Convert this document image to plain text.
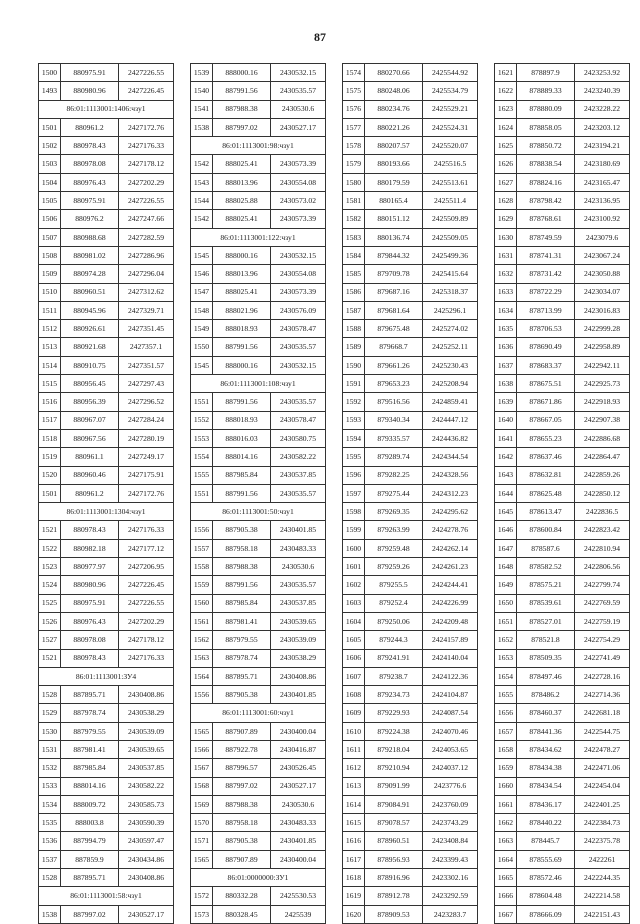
87
1500	880975.91	2427226.55
1493	880980.96	2427226.45
86:01:1113001:1406:чзу1		
1501	880961.2	2427172.76
1502	880978.43	2427176.33
1503	880978.08	2427178.12
1504	880976.43	2427202.29
1505	880975.91	2427226.55
1506	880976.2	2427247.66
1507	880988.68	2427282.59
1508	880981.02	2427286.96
1509	880974.28	2427296.04
1510	880960.51	2427312.62
1511	880945.96	2427329.71
1512	880926.61	2427351.45
1513	880921.68	2427357.1
1514	880910.75	2427351.57
1515	880956.45	2427297.43
1516	880956.39	2427296.52
1517	880967.07	2427284.24
1518	880967.56	2427280.19
1519	880961.1	2427249.17
1520	880960.46	2427175.91
1501	880961.2	2427172.76
86:01:1113001:1304:чзу1		
1521	880978.43	2427176.33
1522	880982.18	2427177.12
1523	880977.97	2427206.95
1524	880980.96	2427226.45
1525	880975.91	2427226.55
1526	880976.43	2427202.29
1527	880978.08	2427178.12
1521	880978.43	2427176.33
86:01:1113001:ЗУ4		
1528	887895.71	2430408.86
1529	887978.74	2430538.29
1530	887979.55	2430539.09
1531	887981.41	2430539.65
1532	887985.84	2430537.85
1533	888014.16	2430582.22
1534	888009.72	2430585.73
1535	888003.8	2430590.39
1536	887994.79	2430597.47
1537	887859.9	2430434.86
1528	887895.71	2430408.86
86:01:1113001:58:чзу1		
1538	887997.02	2430527.17
1539	888000.16	2430532.15
1540	887991.56	2430535.57
1541	887988.38	2430530.6
1538	887997.02	2430527.17
86:01:1113001:98:чзу1		
1542	888025.41	2430573.39
1543	888013.96	2430554.08
1544	888025.88	2430573.02
1542	888025.41	2430573.39
86:01:1113001:122:чзу1		
1545	888000.16	2430532.15
1546	888013.96	2430554.08
1547	888025.41	2430573.39
1548	888021.96	2430576.09
1549	888018.93	2430578.47
1550	887991.56	2430535.57
1545	888000.16	2430532.15
86:01:1113001:108:чзу1		
1551	887991.56	2430535.57
1552	888018.93	2430578.47
1553	888016.03	2430580.75
1554	888014.16	2430582.22
1555	887985.84	2430537.85
1551	887991.56	2430535.57
86:01:1113001:50:чзу1		
1556	887905.38	2430401.85
1557	887958.18	2430483.33
1558	887988.38	2430530.6
1559	887991.56	2430535.57
1560	887985.84	2430537.85
1561	887981.41	2430539.65
1562	887979.55	2430539.09
1563	887978.74	2430538.29
1564	887895.71	2430408.86
1556	887905.38	2430401.85
86:01:1113001:60:чзу1		
1565	887907.89	2430400.04
1566	887922.78	2430416.87
1567	887996.57	2430526.45
1568	887997.02	2430527.17
1569	887988.38	2430530.6
1570	887958.18	2430483.33
1571	887905.38	2430401.85
1565	887907.89	2430400.04
86:01:0000000:ЗУ1		
1572	880332.28	2425530.53
1573	880328.45	2425539
1574	880270.66	2425544.92
1575	880248.06	2425534.79
1576	880234.76	2425529.21
1577	880221.26	2425524.31
1578	880207.57	2425520.07
1579	880193.66	2425516.5
1580	880179.59	2425513.61
1581	880165.4	2425511.4
1582	880151.12	2425509.89
1583	880136.74	2425509.05
1584	879844.32	2425499.36
1585	879709.78	2425415.64
1586	879687.16	2425318.37
1587	879681.64	2425296.1
1588	879675.48	2425274.02
1589	879668.7	2425252.11
1590	879661.26	2425230.43
1591	879653.23	2425208.94
1592	879516.56	2424859.41
1593	879340.34	2424447.12
1594	879335.57	2424436.82
1595	879289.74	2424344.54
1596	879282.25	2424328.56
1597	879275.44	2424312.23
1598	879269.35	2424295.62
1599	879263.99	2424278.76
1600	879259.48	2424262.14
1601	879259.26	2424261.23
1602	879255.5	2424244.41
1603	879252.4	2424226.99
1604	879250.06	2424209.48
1605	879244.3	2424157.89
1606	879241.91	2424140.04
1607	879238.7	2424122.36
1608	879234.73	2424104.87
1609	879229.93	2424087.54
1610	879224.38	2424070.46
1611	879218.04	2424053.65
1612	879210.94	2424037.12
1613	879091.99	2423776.6
1614	879084.91	2423760.09
1615	879078.57	2423743.29
1616	878960.51	2423408.84
1617	878956.93	2423399.43
1618	878916.96	2423302.16
1619	878912.78	2423292.59
1620	878909.53	2423283.7
1621	878897.9	2423253.92
1622	878889.33	2423240.39
1623	878880.09	2423228.22
1624	878858.05	2423203.12
1625	878850.72	2423194.21
1626	878838.54	2423180.69
1627	878824.16	2423165.47
1628	878798.42	2423136.95
1629	878768.61	2423100.92
1630	878749.59	2423079.6
1631	878741.31	2423067.24
1632	878731.42	2423050.88
1633	878722.29	2423034.07
1634	878713.99	2423016.83
1635	878706.53	2422999.28
1636	878690.49	2422958.89
1637	878683.37	2422942.11
1638	878675.51	2422925.73
1639	878671.86	2422918.93
1640	878667.05	2422907.38
1641	878655.23	2422886.68
1642	878637.46	2422864.47
1643	878632.81	2422859.26
1644	878625.48	2422850.12
1645	878613.47	2422836.5
1646	878600.84	2422823.42
1647	878587.6	2422810.94
1648	878582.52	2422806.56
1649	878575.21	2422799.74
1650	878539.61	2422769.59
1651	878527.01	2422759.19
1652	878521.8	2422754.29
1653	878509.35	2422741.49
1654	878497.46	2422728.16
1655	878486.2	2422714.36
1656	878460.37	2422681.18
1657	878441.36	2422544.75
1658	878434.62	2422478.27
1659	878434.38	2422471.06
1660	878434.54	2422454.04
1661	878436.17	2422401.25
1662	878440.22	2422384.73
1663	878445.7	2422375.78
1664	878555.69	2422261
1665	878572.46	2422244.35
1666	878604.48	2422214.58
1667	878666.09	2422151.43
